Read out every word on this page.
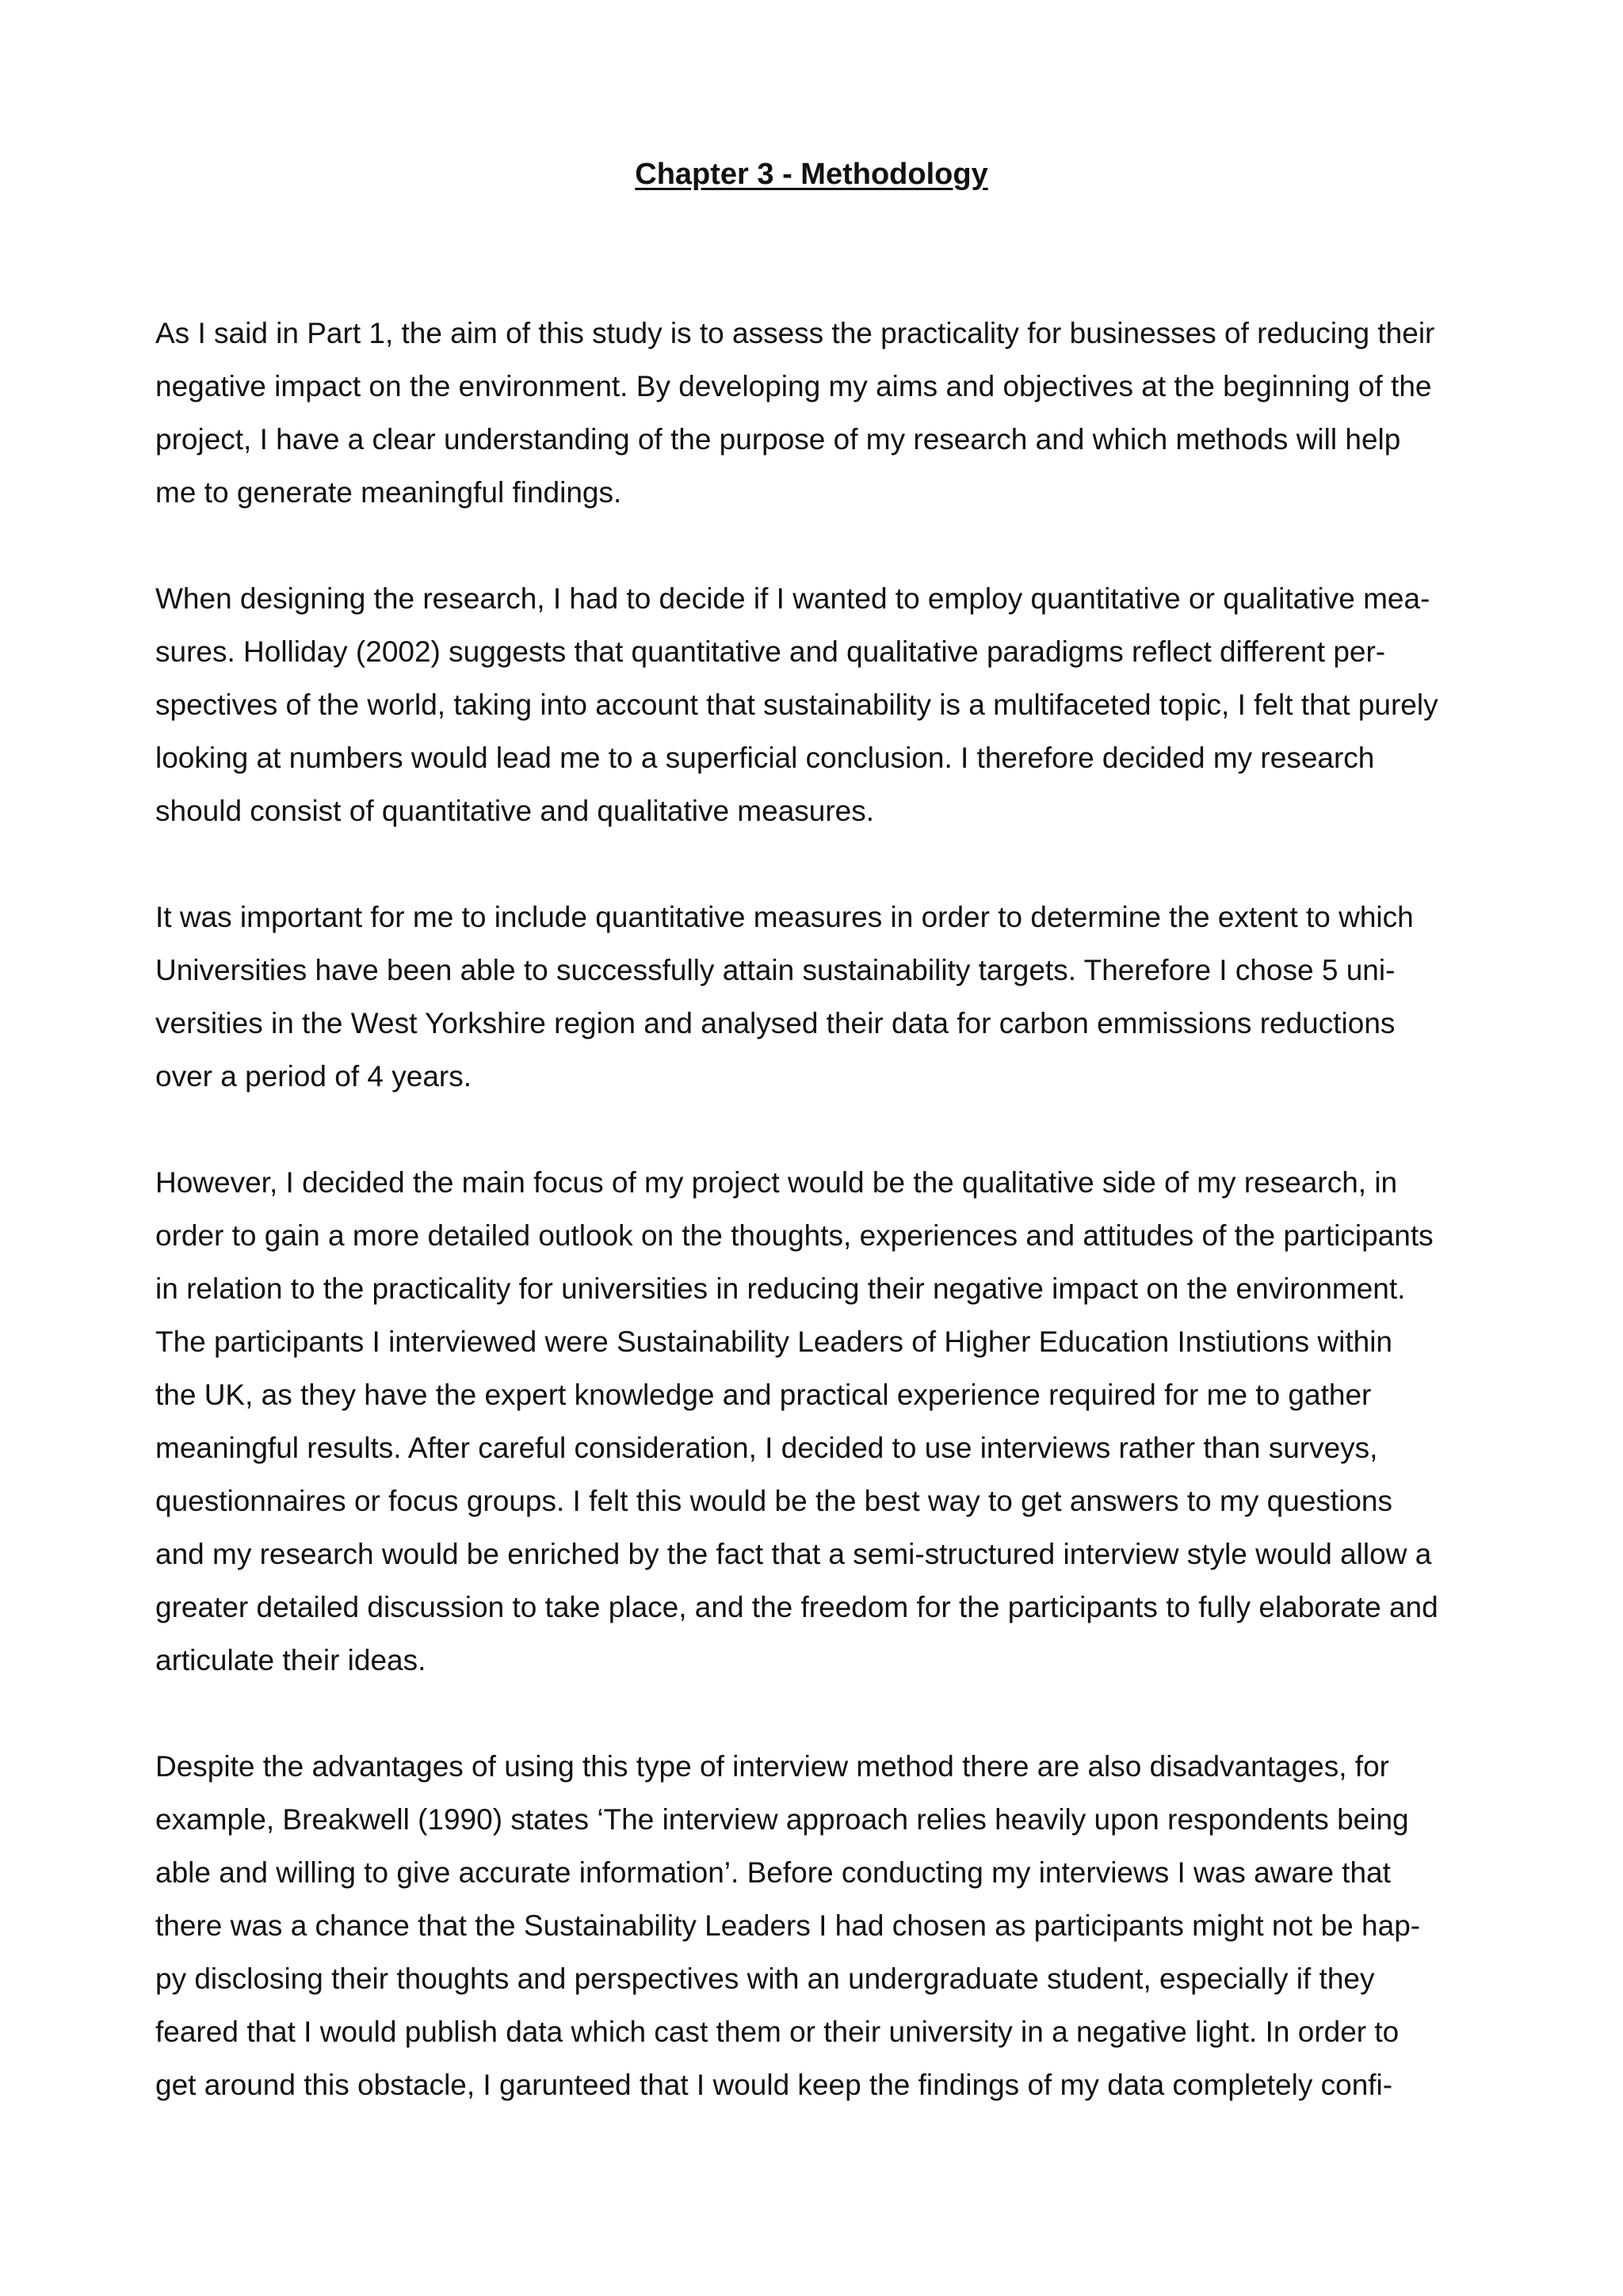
Chapter 3 - Methodology

As I said in Part 1, the aim of this study is to assess the practicality for businesses of reducing their

negative impact on the environment. By developing my aims and objectives at the beginning of the

project, I have a clear understanding of the purpose of my research and which methods will help

me to generate meaningful findings.

When designing the research, I had to decide if I wanted to employ quantitative or qualitative mea-

sures. Holliday (2002) suggests that quantitative and qualitative paradigms reflect different per-

spectives of the world, taking into account that sustainability is a multifaceted topic, I felt that purely

looking at numbers would lead me to a superficial conclusion. I therefore decided my research

should consist of quantitative and qualitative measures.

It was important for me to include quantitative measures in order to determine the extent to which

Universities have been able to successfully attain sustainability targets. Therefore I chose 5 uni-

versities in the West Yorkshire region and analysed their data for carbon emmissions reductions

over a period of 4 years.

However, I decided the main focus of my project would be the qualitative side of my research, in

order to gain a more detailed outlook on the thoughts, experiences and attitudes of the participants

in relation to the practicality for universities in reducing their negative impact on the environment.

The participants I interviewed were Sustainability Leaders of Higher Education Instiutions within

the UK, as they have the expert knowledge and practical experience required for me to gather

meaningful results. After careful consideration, I decided to use interviews rather than surveys,

questionnaires or focus groups. I felt this would be the best way to get answers to my questions

and my research would be enriched by the fact that a semi-structured interview style would allow a

greater detailed discussion to take place, and the freedom for the participants to fully elaborate and

articulate their ideas.

Despite the advantages of using this type of interview method there are also disadvantages, for

example, Breakwell (1990) states ‘The interview approach relies heavily upon respondents being

able and willing to give accurate information’. Before conducting my interviews I was aware that

there was a chance that the Sustainability Leaders I had chosen as participants might not be hap-

py disclosing their thoughts and perspectives with an undergraduate student, especially if they

feared that I would publish data which cast them or their university in a negative light. In order to

get around this obstacle, I garunteed that I would keep the findings of my data completely confi-
